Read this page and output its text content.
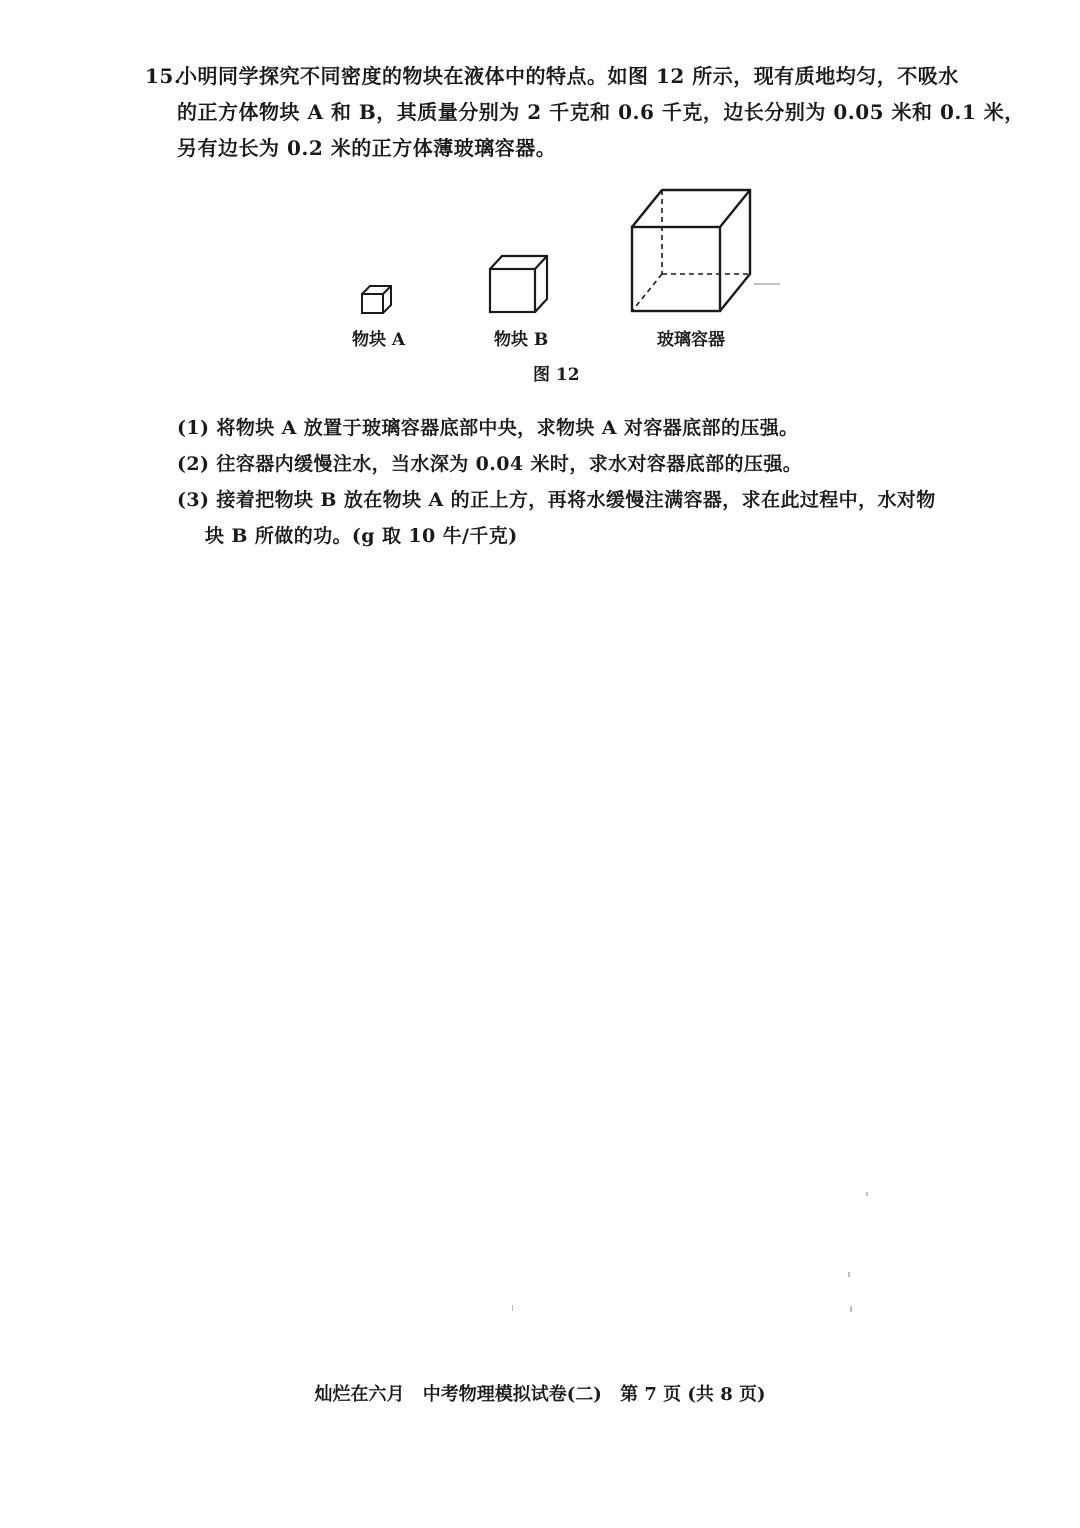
15.小明同学探究不同密度的物块在液体中的特点。如图 12 所示，现有质地均匀，不吸水
的正方体物块 A 和 B，其质量分别为 2 千克和 0.6 千克，边长分别为 0.05 米和 0.1 米，
另有边长为 0.2 米的正方体薄玻璃容器。
物块 A	物块 B	玻璃容器
图 12
(1) 将物块 A 放置于玻璃容器底部中央，求物块 A 对容器底部的压强。
(2) 往容器内缓慢注水，当水深为 0.04 米时，求水对容器底部的压强。
(3) 接着把物块 B 放在物块 A 的正上方，再将水缓慢注满容器，求在此过程中，水对物
块 B 所做的功。(g 取 10 牛/千克)
灿烂在六月 中考物理模拟试卷(二) 第 7 页 (共 8 页)
